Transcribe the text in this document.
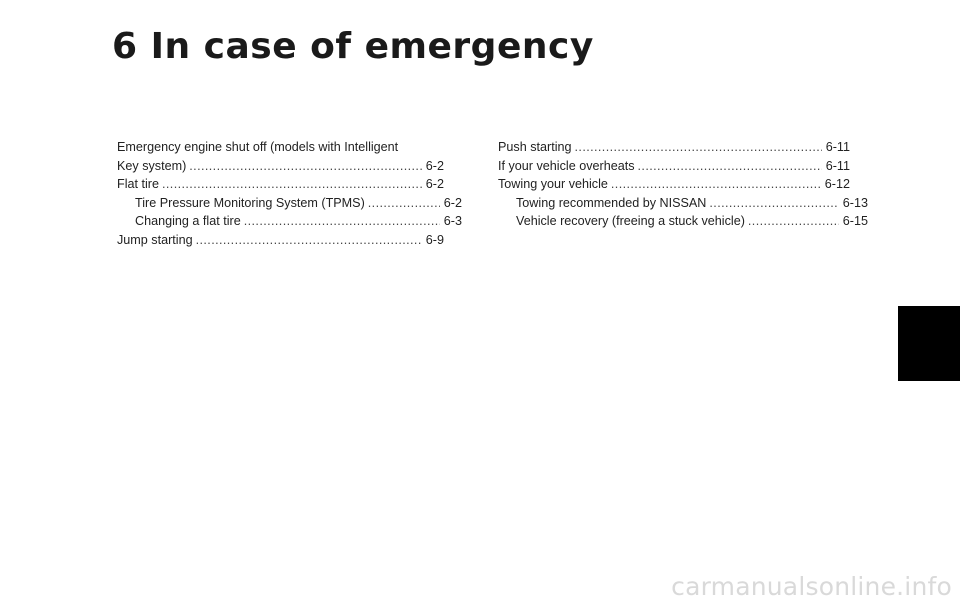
6 In case of emergency
Emergency engine shut off (models with Intelligent
Key system) .....	6-2
Flat tire .....	6-2
Tire Pressure Monitoring System (TPMS) .....	6-2
Changing a flat tire .....	6-3
Jump starting .....	6-9
Push starting .....	6-11
If your vehicle overheats .....	6-11
Towing your vehicle .....	6-12
Towing recommended by NISSAN .....	6-13
Vehicle recovery (freeing a stuck vehicle) .....	6-15
carmanualsonline.info
